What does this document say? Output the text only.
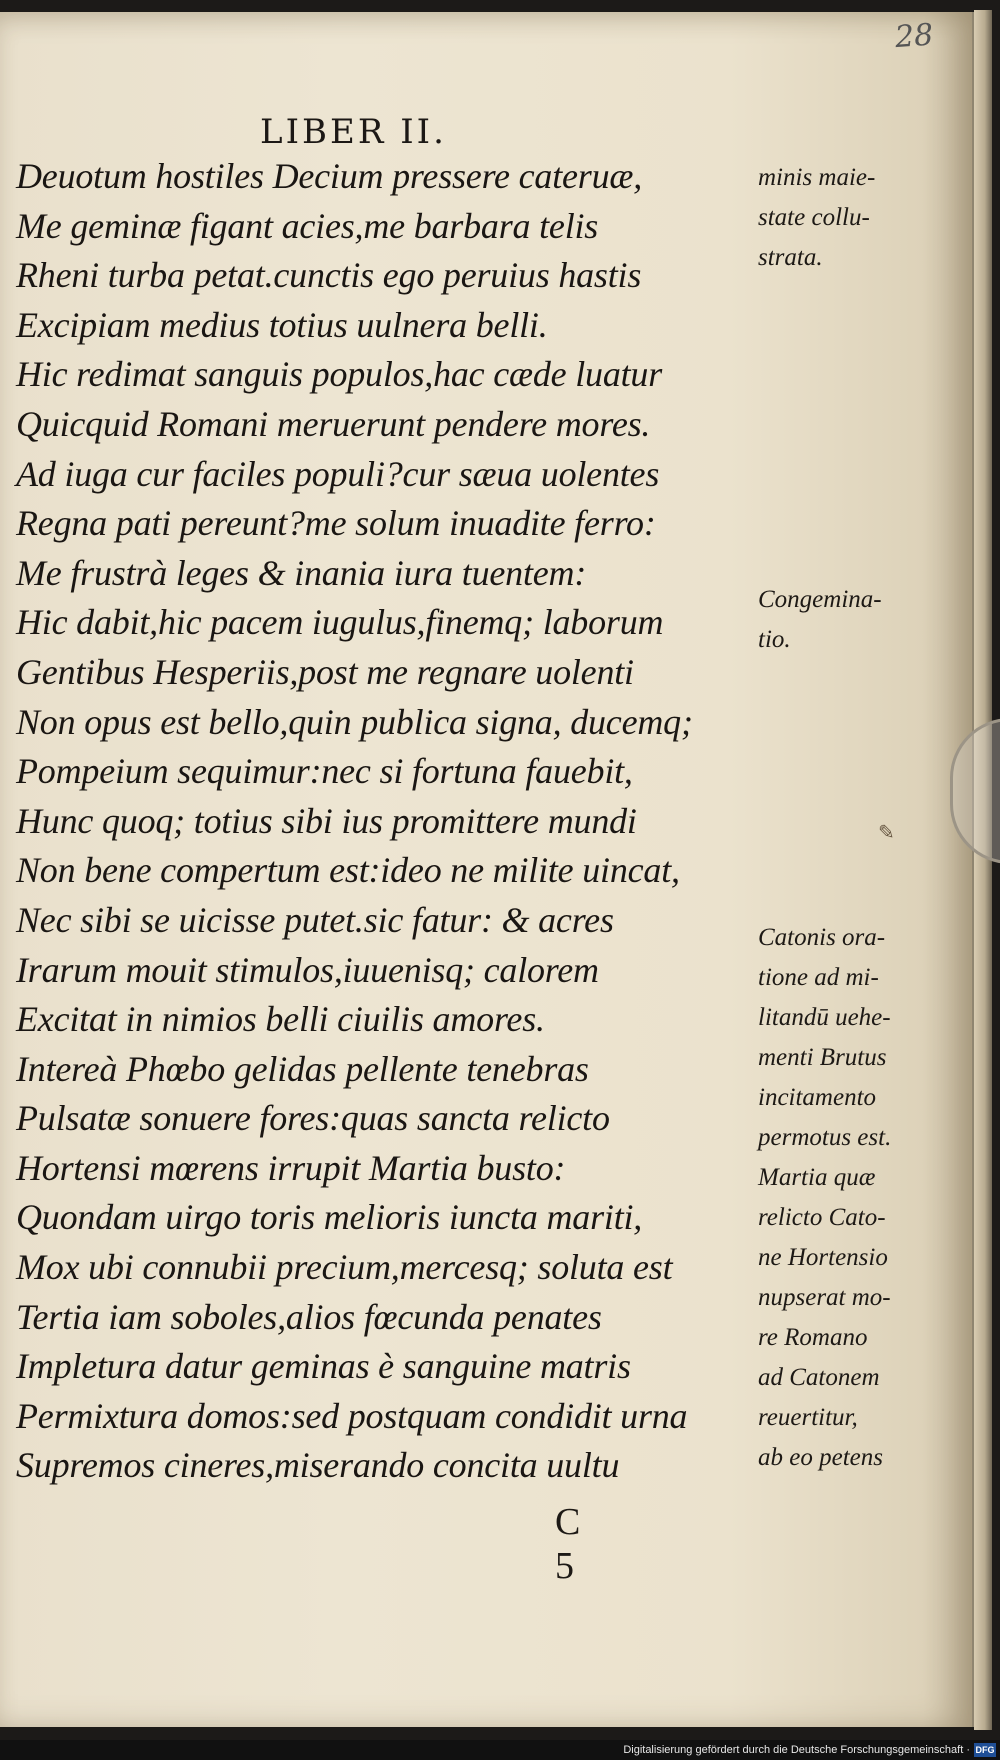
28
LIBER II.
Deuotum hostiles Decium pressere cateruæ,
Me geminæ figant acies,me barbara telis
Rheni turba petat.cunctis ego peruius hastis
Excipiam medius totius uulnera belli.
Hic redimat sanguis populos,hac cæde luatur
Quicquid Romani meruerunt pendere mores.
Ad iuga cur faciles populi?cur sæua uolentes
Regna pati pereunt?me solum inuadite ferro:
Me frustrà leges & inania iura tuentem:
Hic dabit,hic pacem iugulus,finemq; laborum
Gentibus Hesperiis,post me regnare uolenti
Non opus est bello,quin publica signa, ducemq;
Pompeium sequimur:nec si fortuna fauebit,
Hunc quoq; totius sibi ius promittere mundi
Non bene compertum est:ideo ne milite uincat,
Nec sibi se uicisse putet.sic fatur: & acres
Irarum mouit stimulos,iuuenisq; calorem
Excitat in nimios belli ciuilis amores.
Intereà Phœbo gelidas pellente tenebras
Pulsatæ sonuere fores:quas sancta relicto
Hortensi mœrens irrupit Martia busto:
Quondam uirgo toris melioris iuncta mariti,
Mox ubi connubii precium,mercesq; soluta est
Tertia iam soboles,alios fœcunda penates
Impletura datur geminas è sanguine matris
Permixtura domos:sed postquam condidit urna
Supremos cineres,miserando concita uultu
minis maie-
state collu-
strata.
Congemina-
tio.
✎
Catonis ora-
tione ad mi-
litandū uehe-
menti Brutus
incitamento
permotus est.
Martia quæ
relicto Cato-
ne Hortensio
nupserat mo-
re Romano
ad Catonem
reuertitur,
ab eo petens
C 5
Digitalisierung gefördert durch die Deutsche Forschungsgemeinschaft · DFG
